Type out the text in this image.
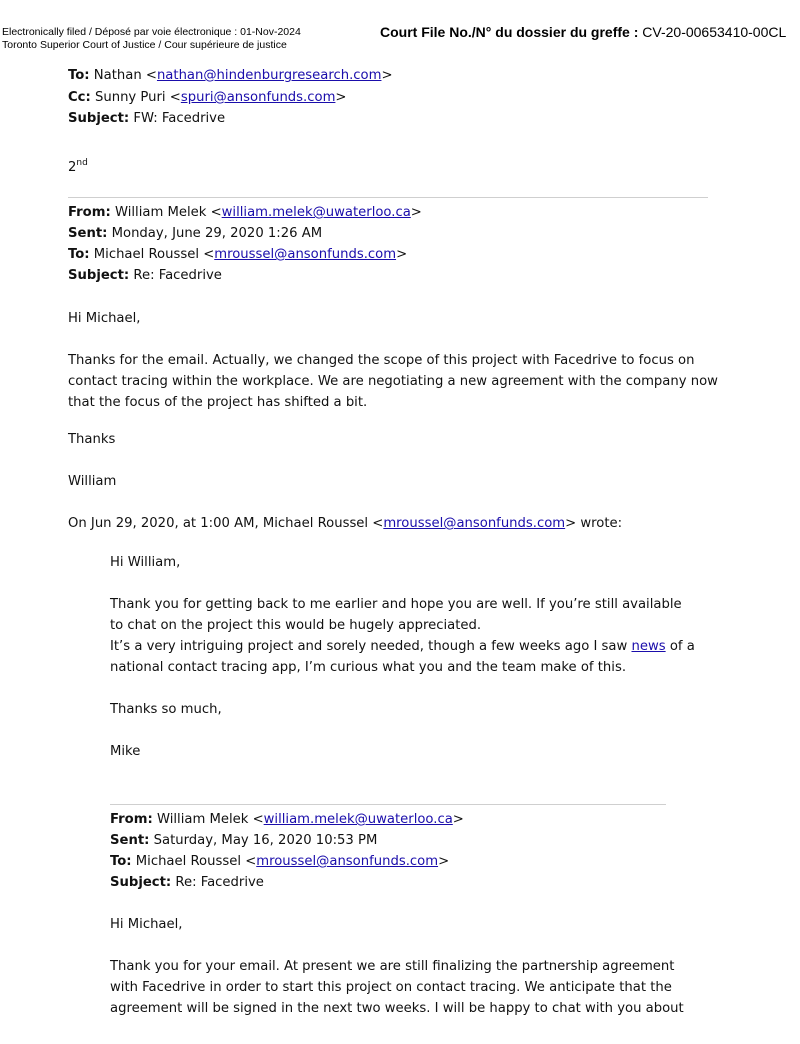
Electronically filed / Déposé par voie électronique : 01-Nov-2024
Toronto Superior Court of Justice / Cour supérieure de justice
Court File No./N° du dossier du greffe : CV-20-00653410-00CL
To: Nathan <nathan@hindenburgresearch.com>
Cc: Sunny Puri <spuri@ansonfunds.com>
Subject: FW: Facedrive
2nd
From: William Melek <william.melek@uwaterloo.ca>
Sent: Monday, June 29, 2020 1:26 AM
To: Michael Roussel <mroussel@ansonfunds.com>
Subject: Re: Facedrive
Hi Michael,
Thanks for the email. Actually, we changed the scope of this project with Facedrive to focus on
contact tracing within the workplace. We are negotiating a new agreement with the company now
that the focus of the project has shifted a bit.
Thanks
William
On Jun 29, 2020, at 1:00 AM, Michael Roussel <mroussel@ansonfunds.com> wrote:
Hi William,
Thank you for getting back to me earlier and hope you are well. If you’re still available
to chat on the project this would be hugely appreciated.
It’s a very intriguing project and sorely needed, though a few weeks ago I saw news of a
national contact tracing app, I’m curious what you and the team make of this.
Thanks so much,
Mike
From: William Melek <william.melek@uwaterloo.ca>
Sent: Saturday, May 16, 2020 10:53 PM
To: Michael Roussel <mroussel@ansonfunds.com>
Subject: Re: Facedrive
Hi Michael,
Thank you for your email. At present we are still finalizing the partnership agreement
with Facedrive in order to start this project on contact tracing. We anticipate that the
agreement will be signed in the next two weeks. I will be happy to chat with you about
